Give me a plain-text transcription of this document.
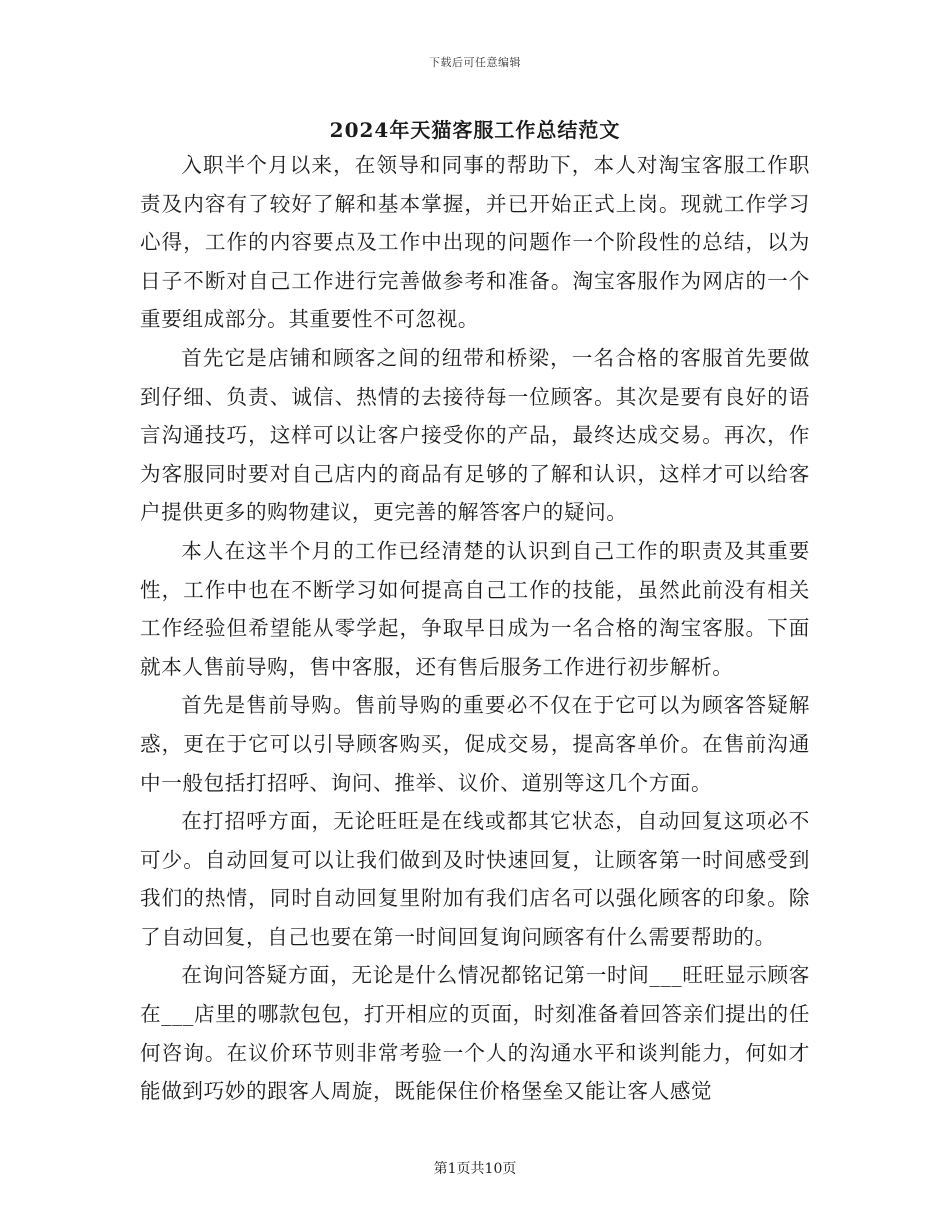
下载后可任意编辑
2024年天猫客服工作总结范文

入职半个月以来，在领导和同事的帮助下，本人对淘宝客服工作职责及内容有了较好了解和基本掌握，并已开始正式上岗。现就工作学习心得，工作的内容要点及工作中出现的问题作一个阶段性的总结，以为日子不断对自己工作进行完善做参考和准备。淘宝客服作为网店的一个重要组成部分。其重要性不可忽视。

首先它是店铺和顾客之间的纽带和桥梁，一名合格的客服首先要做到仔细、负责、诚信、热情的去接待每一位顾客。其次是要有良好的语言沟通技巧，这样可以让客户接受你的产品，最终达成交易。再次，作为客服同时要对自己店内的商品有足够的了解和认识，这样才可以给客户提供更多的购物建议，更完善的解答客户的疑问。

本人在这半个月的工作已经清楚的认识到自己工作的职责及其重要性，工作中也在不断学习如何提高自己工作的技能，虽然此前没有相关工作经验但希望能从零学起，争取早日成为一名合格的淘宝客服。下面就本人售前导购，售中客服，还有售后服务工作进行初步解析。

首先是售前导购。售前导购的重要必不仅在于它可以为顾客答疑解惑，更在于它可以引导顾客购买，促成交易，提高客单价。在售前沟通中一般包括打招呼、询问、推举、议价、道别等这几个方面。

在打招呼方面，无论旺旺是在线或都其它状态，自动回复这项必不可少。自动回复可以让我们做到及时快速回复，让顾客第一时间感受到我们的热情，同时自动回复里附加有我们店名可以强化顾客的印象。除了自动回复，自己也要在第一时间回复询问顾客有什么需要帮助的。

在询问答疑方面，无论是什么情况都铭记第一时间___旺旺显示顾客在___店里的哪款包包，打开相应的页面，时刻准备着回答亲们提出的任何咨询。在议价环节则非常考验一个人的沟通水平和谈判能力，何如才能做到巧妙的跟客人周旋，既能保住价格堡垒又能让客人感觉

第1页共10页
